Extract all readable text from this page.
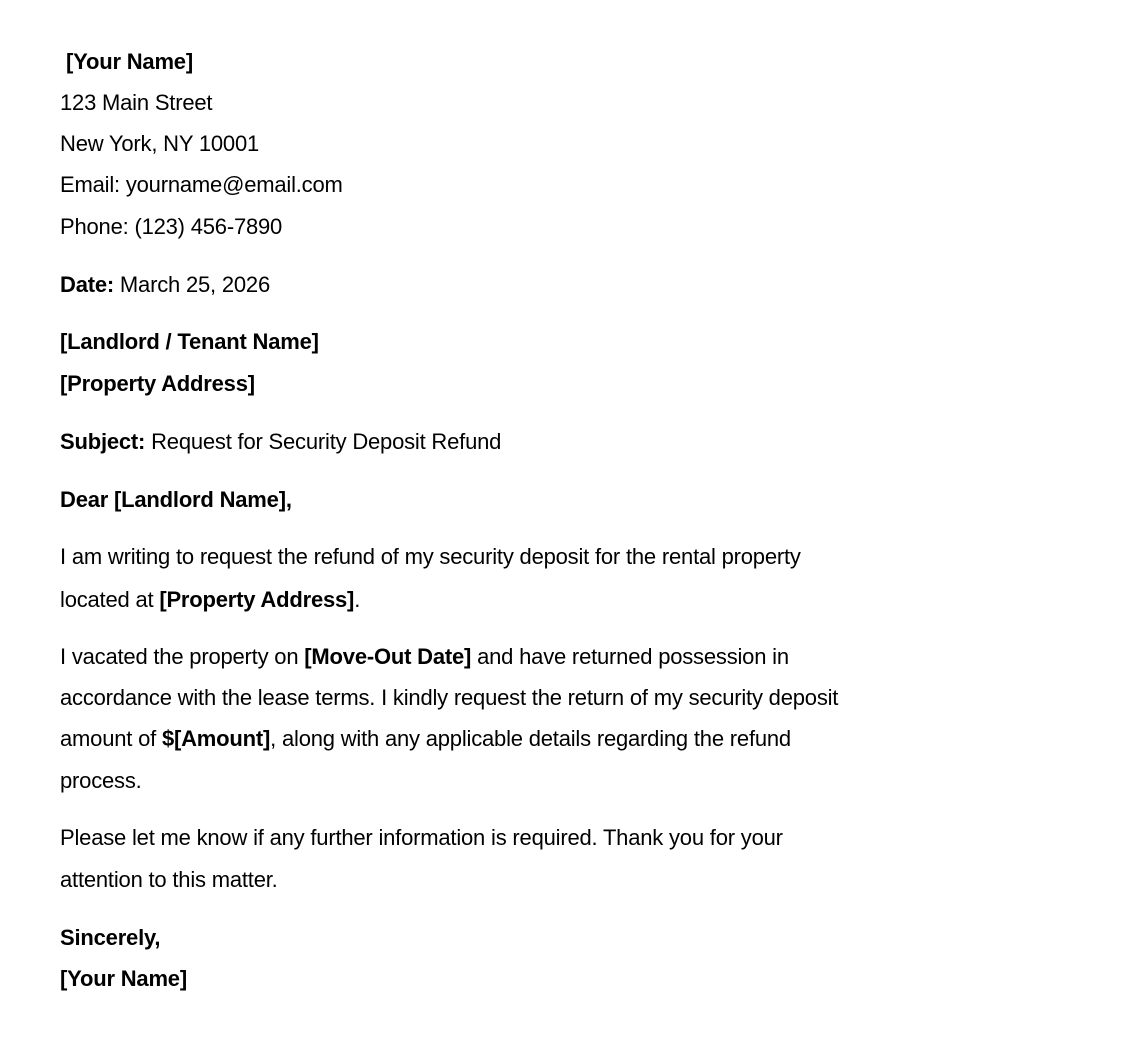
[Your Name]
123 Main Street
New York, NY 10001
Email: yourname@email.com
Phone: (123) 456-7890
Date: March 25, 2026
[Landlord / Tenant Name]
[Property Address]
Subject: Request for Security Deposit Refund
Dear [Landlord Name],
I am writing to request the refund of my security deposit for the rental property
located at [Property Address].
I vacated the property on [Move-Out Date] and have returned possession in
accordance with the lease terms. I kindly request the return of my security deposit
amount of $[Amount], along with any applicable details regarding the refund
process.
Please let me know if any further information is required. Thank you for your
attention to this matter.
Sincerely,
[Your Name]
